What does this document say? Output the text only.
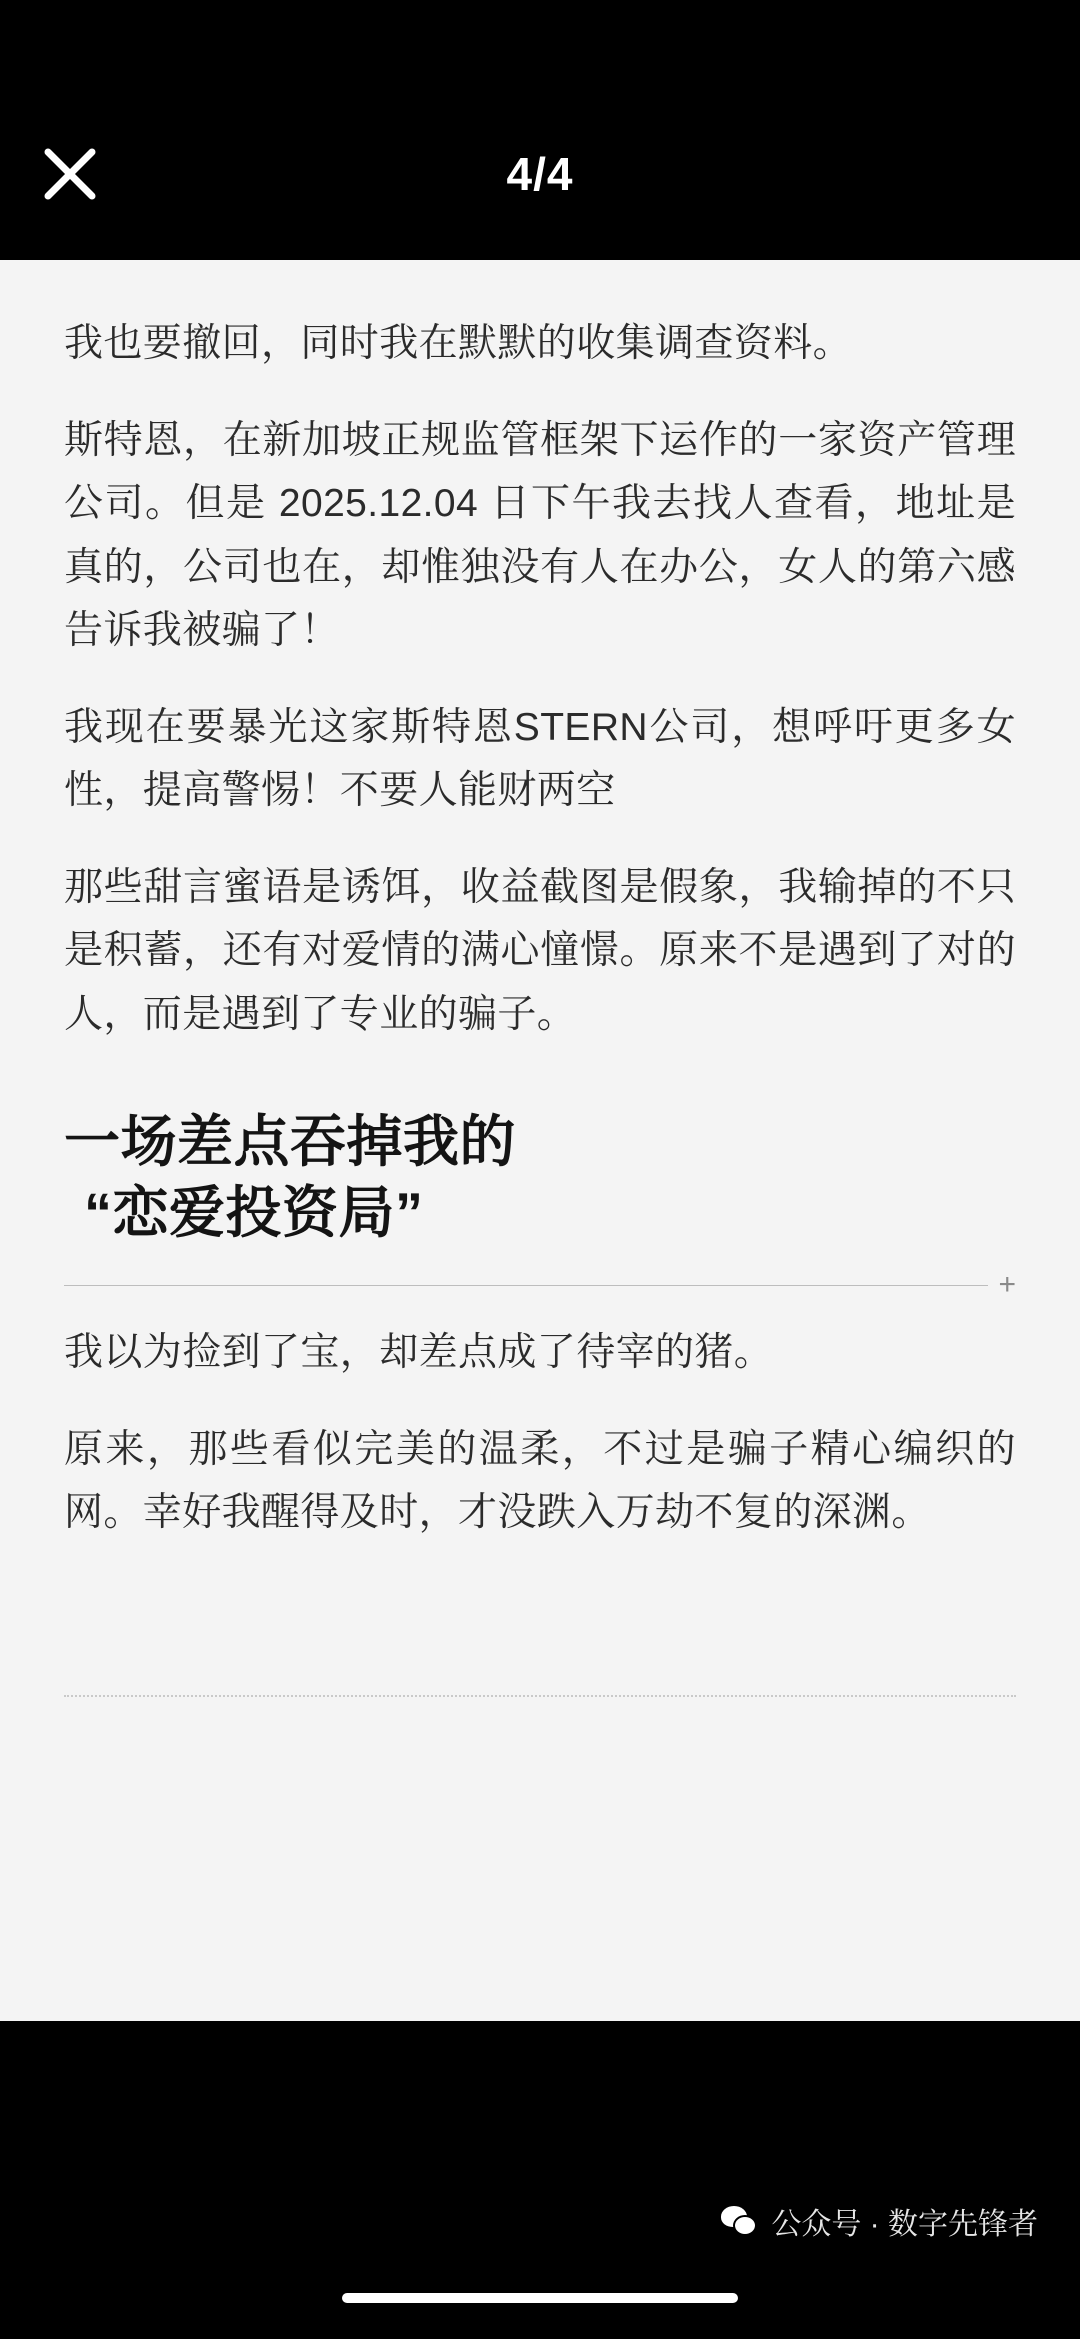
4/4

我也要撤回，同时我在默默的收集调查资料。

斯特恩，在新加坡正规监管框架下运作的一家资产管理公司。但是 2025.12.04 日下午我去找人查看，地址是真的，公司也在，却惟独没有人在办公，女人的第六感告诉我被骗了！

我现在要暴光这家斯特恩STERN公司，想呼吁更多女性，提高警惕！不要人能财两空

那些甜言蜜语是诱饵，收益截图是假象，我输掉的不只是积蓄，还有对爱情的满心憧憬。原来不是遇到了对的人，而是遇到了专业的骗子。

一场差点吞掉我的
“恋爱投资局”
+

我以为捡到了宝，却差点成了待宰的猪。

原来，那些看似完美的温柔，不过是骗子精心编织的网。幸好我醒得及时，才没跌入万劫不复的深渊。

公众号 · 数字先锋者
